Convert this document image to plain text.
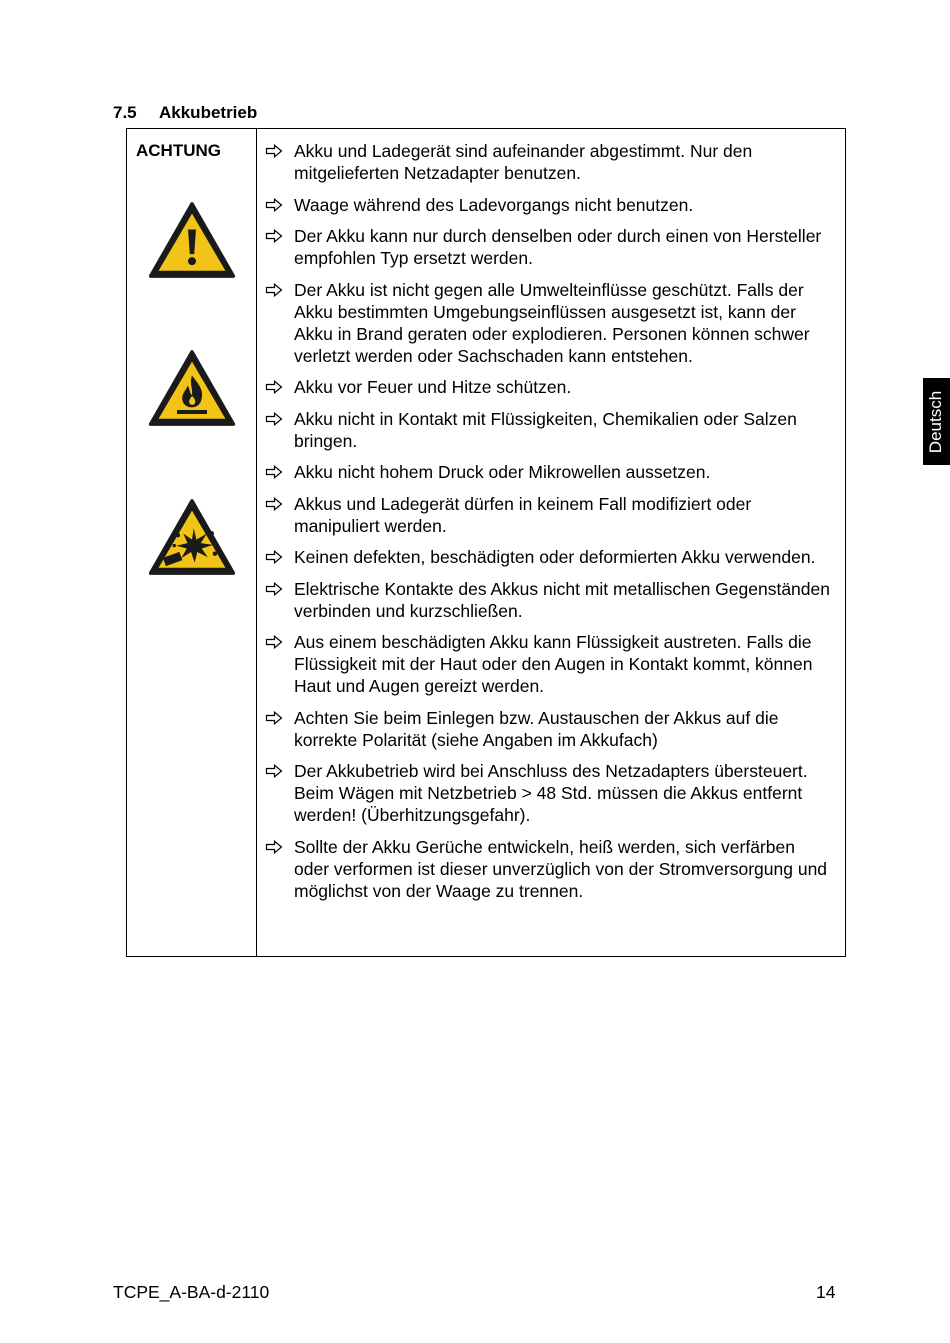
7.5 Akkubetrieb
ACHTUNG	Akku und Ladegerät sind aufeinander abgestimmt. Nur den mitgelieferten Netzadapter benutzen.
Waage während des Ladevorgangs nicht benutzen.
Der Akku kann nur durch denselben oder durch einen von Hersteller empfohlen Typ ersetzt werden.
Der Akku ist nicht gegen alle Umwelteinflüsse geschützt. Falls der Akku bestimmten Umgebungseinflüssen ausgesetzt ist, kann der Akku in Brand geraten oder explodieren. Personen können schwer verletzt werden oder Sachschaden kann entstehen.
Akku vor Feuer und Hitze schützen.
Akku nicht in Kontakt mit Flüssigkeiten, Chemikalien oder Salzen bringen.
Akku nicht hohem Druck oder Mikrowellen aussetzen.
Akkus und Ladegerät dürfen in keinem Fall modifiziert oder manipuliert werden.
Keinen defekten, beschädigten oder deformierten Akku verwenden.
Elektrische Kontakte des Akkus nicht mit metallischen Gegenständen verbinden und kurzschließen.
Aus einem beschädigten Akku kann Flüssigkeit austreten. Falls die Flüssigkeit mit der Haut oder den Augen in Kontakt kommt, können Haut und Augen gereizt werden.
Achten Sie beim Einlegen bzw. Austauschen der Akkus auf die korrekte Polarität (siehe Angaben im Akkufach)
Der Akkubetrieb wird bei Anschluss des Netzadapters übersteuert. Beim Wägen mit Netzbetrieb > 48 Std. müssen die Akkus entfernt werden! (Überhitzungsgefahr).
Sollte der Akku Gerüche entwickeln, heiß werden, sich verfärben oder verformen ist dieser unverzüglich von der Stromversorgung und möglichst von der Waage zu trennen.
Deutsch
TCPE_A-BA-d-2110	14
